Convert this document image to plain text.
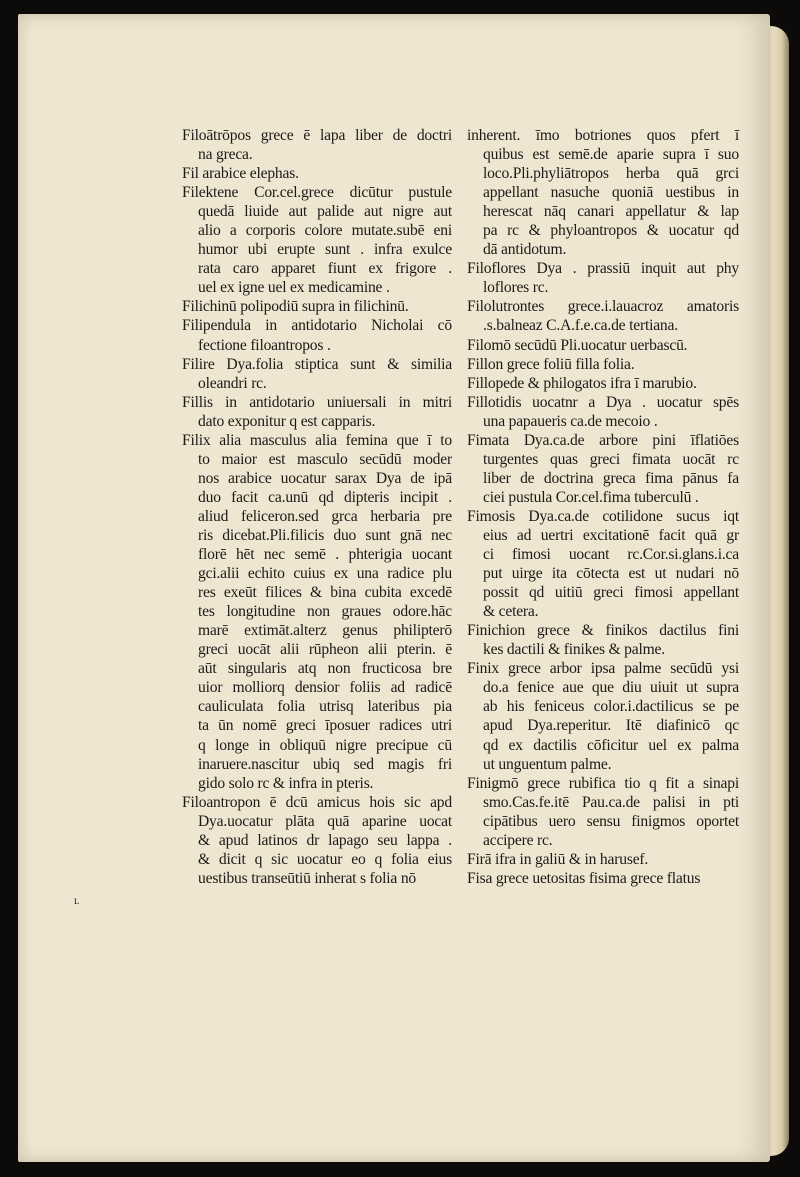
Filoātrōpos grece ē lapa liber de doctri
na greca.
Fil arabice elephas.
Filektene Cor.cel.grece dicūtur pustule
quedā liuide aut palide aut nigre aut
alio a corporis colore mutate.subē eni
humor ubi erupte sunt . infra exulce
rata caro apparet fiunt ex frigore .
uel ex igne uel ex medicamine .
Filichinū polipodiū supra in filichinū.
Filipendula in antidotario Nicholai cō
fectione filoantropos .
Filire Dya.folia stiptica sunt & similia
oleandri rc.
Fillis in antidotario uniuersali in mitri
dato exponitur q est capparis.
Filix alia masculus alia femina que ī to
to maior est masculo secūdū moder
nos arabice uocatur sarax Dya de ipā
duo facit ca.unū qd dipteris incipit .
aliud feliceron.sed grca herbaria pre
ris dicebat.Pli.filicis duo sunt gnā nec
florē hēt nec semē . phterigia uocant
gci.alii echito cuius ex una radice plu
res exeūt filices & bina cubita excedē
tes longitudine non graues odore.hāc
marē extimāt.alterz genus philipterō
greci uocāt alii rūpheon alii pterin. ē
aūt singularis atq non fructicosa bre
uior molliorq densior foliis ad radicē
cauliculata folia utrisq lateribus pia
ta ūn nomē greci īposuer radices utri
q longe in obliquū nigre precipue cū
inaruere.nascitur ubiq sed magis fri
gido solo rc & infra in pteris.
Filoantropon ē dcū amicus hois sic apd
Dya.uocatur plāta quā aparine uocat
& apud latinos dr lapago seu lappa .
& dicit q sic uocatur eo q folia eius
uestibus transeūtiū inherat s folia nō
inherent. īmo botriones quos pfert ī
quibus est semē.de aparie supra ī suo
loco.Pli.phyliātropos herba quā grci
appellant nasuche quoniā uestibus in
herescat nāq canari appellatur & lap
pa rc & phyloantropos & uocatur qd
dā antidotum.
Filoflores Dya . prassiū inquit aut phy
loflores rc.
Filolutrontes grece.i.lauacroz amatoris
.s.balneaz C.A.f.e.ca.de tertiana.
Filomō secūdū Pli.uocatur uerbascū.
Fillon grece foliū filla folia.
Fillopede & philogatos ifra ī marubio.
Fillotidis uocatnr a Dya . uocatur spēs
una papaueris ca.de mecoio .
Fimata Dya.ca.de arbore pini īflatiōes
turgentes quas greci fimata uocāt rc
liber de doctrina greca fima pānus fa
ciei pustula Cor.cel.fima tuberculū .
Fimosis Dya.ca.de cotilidone sucus iqt
eius ad uertri excitationē facit quā gr
ci fimosi uocant rc.Cor.si.glans.i.ca
put uirge ita cōtecta est ut nudari nō
possit qd uitiū greci fimosi appellant
& cetera.
Finichion grece & finikos dactilus fini
kes dactili & finikes & palme.
Finix grece arbor ipsa palme secūdū ysi
do.a fenice aue que diu uiuit ut supra
ab his feniceus color.i.dactilicus se pe
apud Dya.reperitur. Itē diafinicō qc
qd ex dactilis cōficitur uel ex palma
ut unguentum palme.
Finigmō grece rubifica tio q fit a sinapi
smo.Cas.fe.itē Pau.ca.de palisi in pti
cipātibus uero sensu finigmos oportet
accipere rc.
Firā ifra in galiū & in harusef.
Fisa grece uetositas fisima grece flatus
ʟ
